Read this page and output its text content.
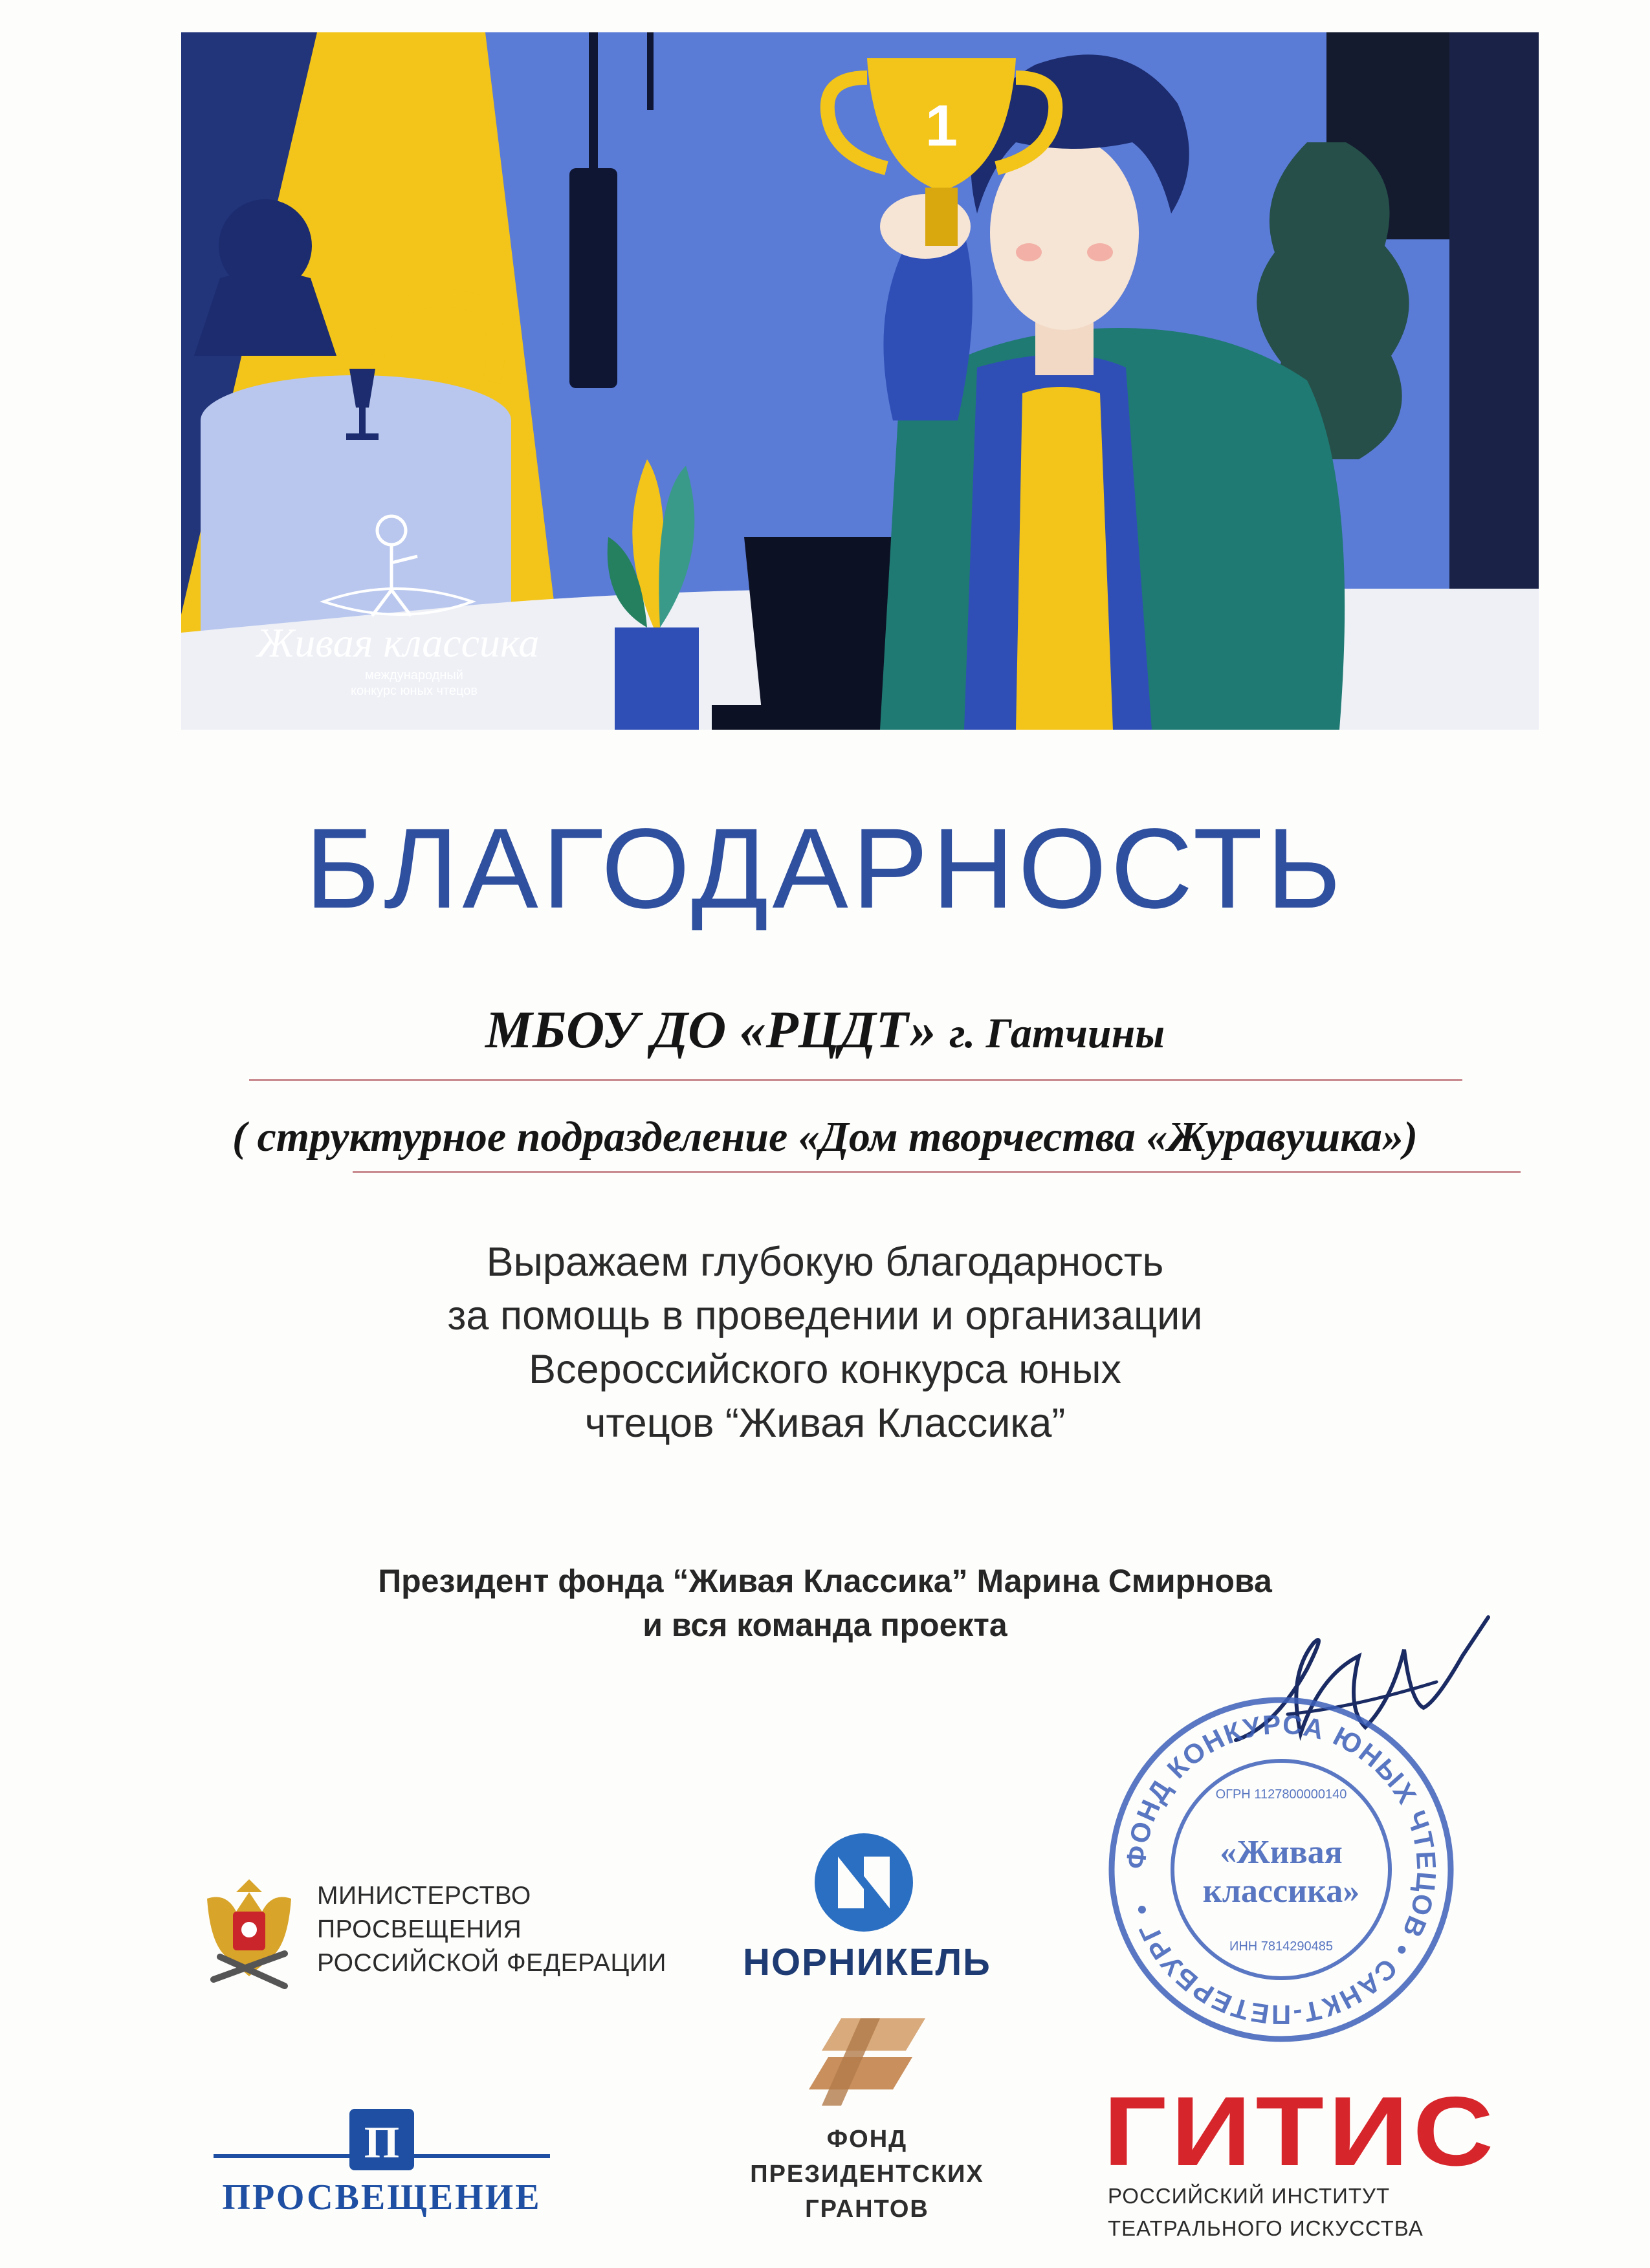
1
Живая классика
международный
конкурс юных чтецов
БЛАГОДАРНОСТЬ
МБОУ ДО «РЦДТ» г. Гатчины
( структурное подразделение «Дом творчества «Журавушка»)
Выражаем глубокую благодарность
за помощь в проведении и организации
Всероссийского конкурса юных
чтецов “Живая Классика”
Президент фонда “Живая Классика” Марина Смирнова
и вся команда проекта
ФОНД КОНКУРСА ЮНЫХ ЧТЕЦОВ • САНКТ-ПЕТЕРБУРГ •
ОГРН 1127800000140
«Живая
классика»
ИНН 7814290485
МИНИСТЕРСТВО
ПРОСВЕЩЕНИЯ
РОССИЙСКОЙ ФЕДЕРАЦИИ	НОРНИКЕЛЬ
ФОНД
ПРЕЗИДЕНТСКИХ
ГРАНТОВ
П
ПРОСВЕЩЕНИЕ
ГИТИС
РОССИЙСКИЙ ИНСТИТУТ
ТЕАТРАЛЬНОГО ИСКУССТВА
